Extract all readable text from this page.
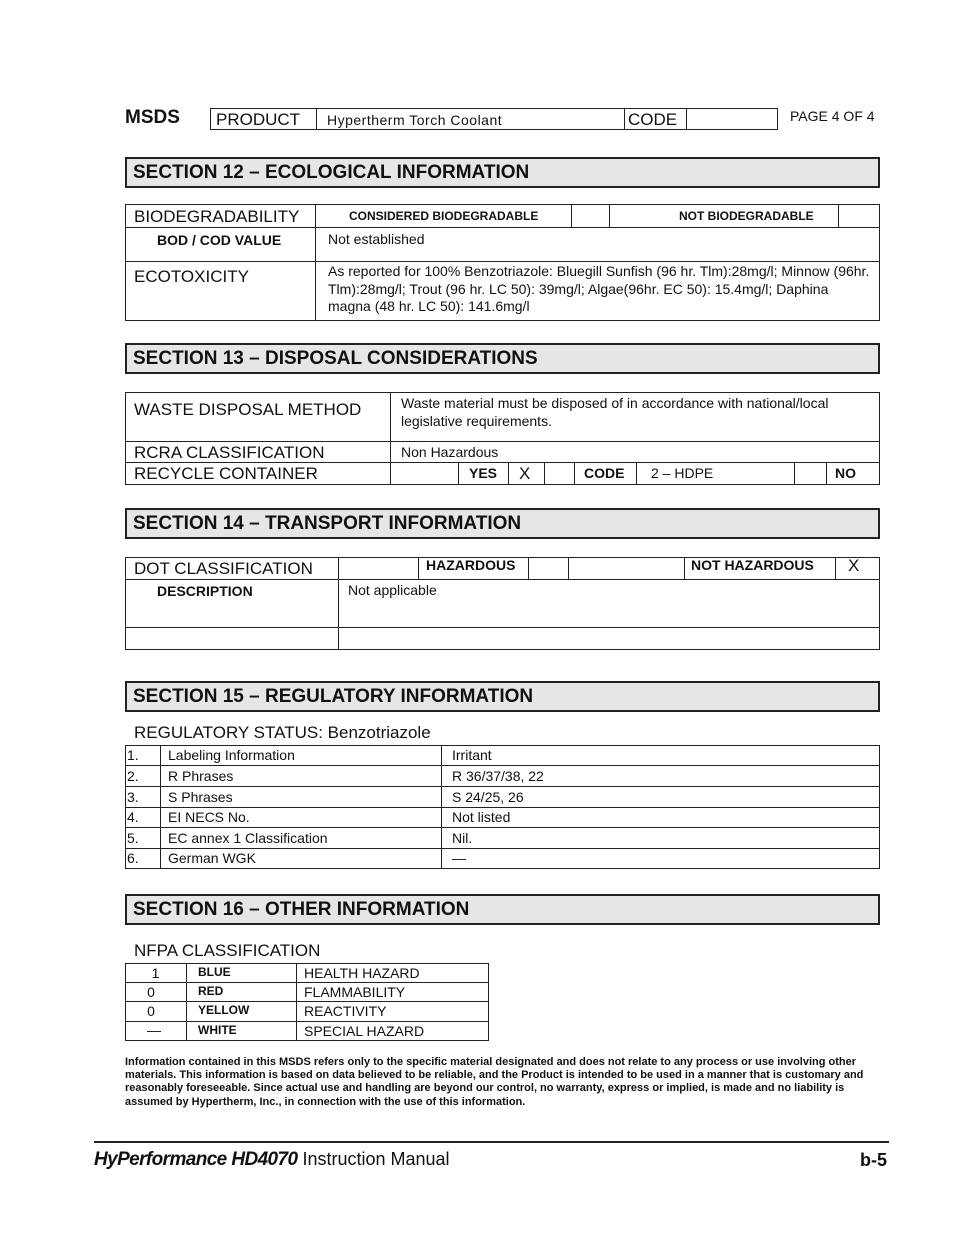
MSDS PRODUCT Hypertherm Torch Coolant	CODE	PAGE 4 OF 4
SECTION 12 – ECOLOGICAL INFORMATION
BIODEGRADABILITY	CONSIDERED BIODEGRADABLE	NOT BIODEGRADABLE
BOD / COD VALUE	Not established
ECOTOXICITY	As reported for 100% Benzotriazole: Bluegill Sunfish (96 hr. Tlm):28mg/l; Minnow (96hr. Tlm):28mg/l; Trout (96 hr. LC 50): 39mg/l; Algae(96hr. EC 50): 15.4mg/l; Daphina magna (48 hr. LC 50): 141.6mg/l
SECTION 13 – DISPOSAL CONSIDERATIONS
WASTE DISPOSAL METHOD	Waste material must be disposed of in accordance with national/local legislative requirements.
RCRA CLASSIFICATION	Non Hazardous
RECYCLE CONTAINER	YES X	CODE 2 – HDPE	NO
SECTION 14 – TRANSPORT INFORMATION
DOT CLASSIFICATION	HAZARDOUS	NOT HAZARDOUS X
DESCRIPTION	Not applicable
SECTION 15 – REGULATORY INFORMATION
REGULATORY STATUS: Benzotriazole
1. Labeling Information	Irritant
2. R Phrases	R 36/37/38, 22
3. S Phrases	S 24/25, 26
4. EI NECS No.	Not listed
5. EC annex 1 Classification	Nil.
6. German WGK	—
SECTION 16 – OTHER INFORMATION
NFPA CLASSIFICATION
1	BLUE	HEALTH HAZARD
0	RED	FLAMMABILITY
0	YELLOW	REACTIVITY
—	WHITE	SPECIAL HAZARD
Information contained in this MSDS refers only to the specific material designated and does not relate to any process or use involving other materials. This information is based on data believed to be reliable, and the Product is intended to be used in a manner that is customary and reasonably foreseeable. Since actual use and handling are beyond our control, no warranty, express or implied, is made and no liability is assumed by Hypertherm, Inc., in connection with the use of this information.
HyPerformance HD4070 Instruction Manual	b-5
